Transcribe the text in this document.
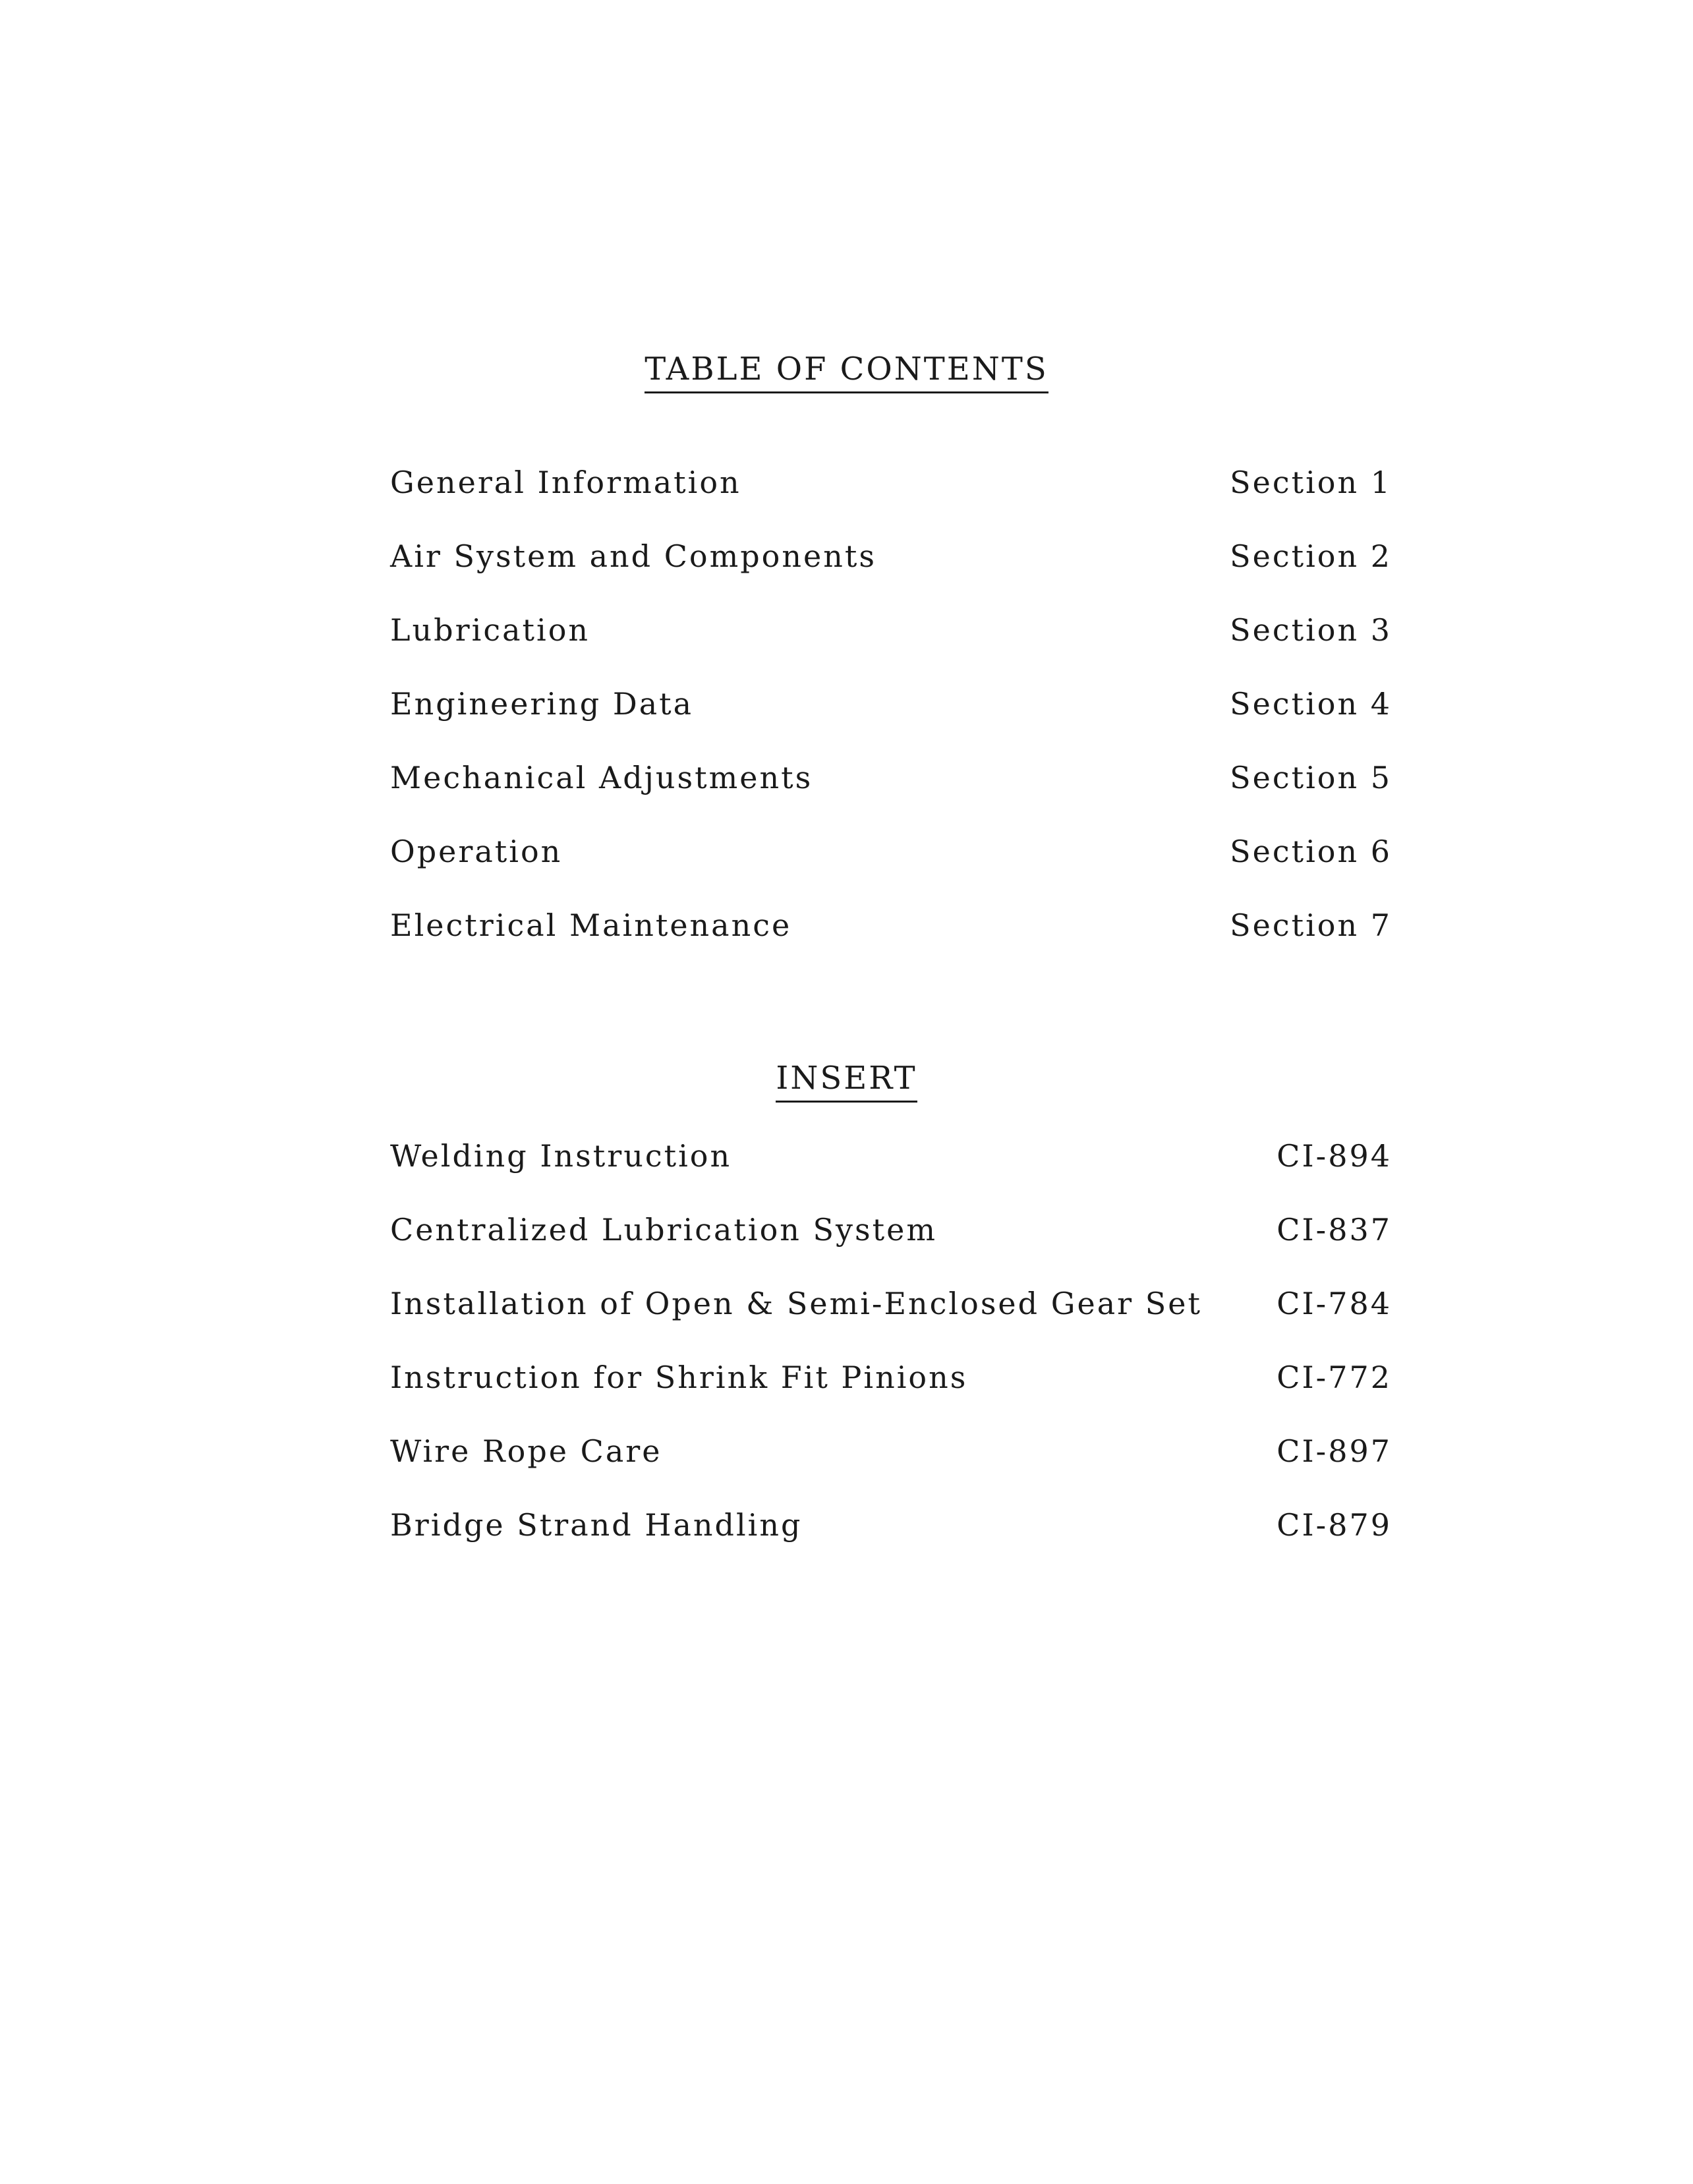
TABLE OF CONTENTS
General Information	Section 1
Air System and Components	Section 2
Lubrication	Section 3
Engineering Data	Section 4
Mechanical Adjustments	Section 5
Operation	Section 6
Electrical Maintenance	Section 7
INSERT
Welding Instruction	CI-894
Centralized Lubrication System	CI-837
Installation of Open & Semi-Enclosed Gear Set CI-784
Instruction for Shrink Fit Pinions	CI-772
Wire Rope Care	CI-897
Bridge Strand Handling	CI-879
